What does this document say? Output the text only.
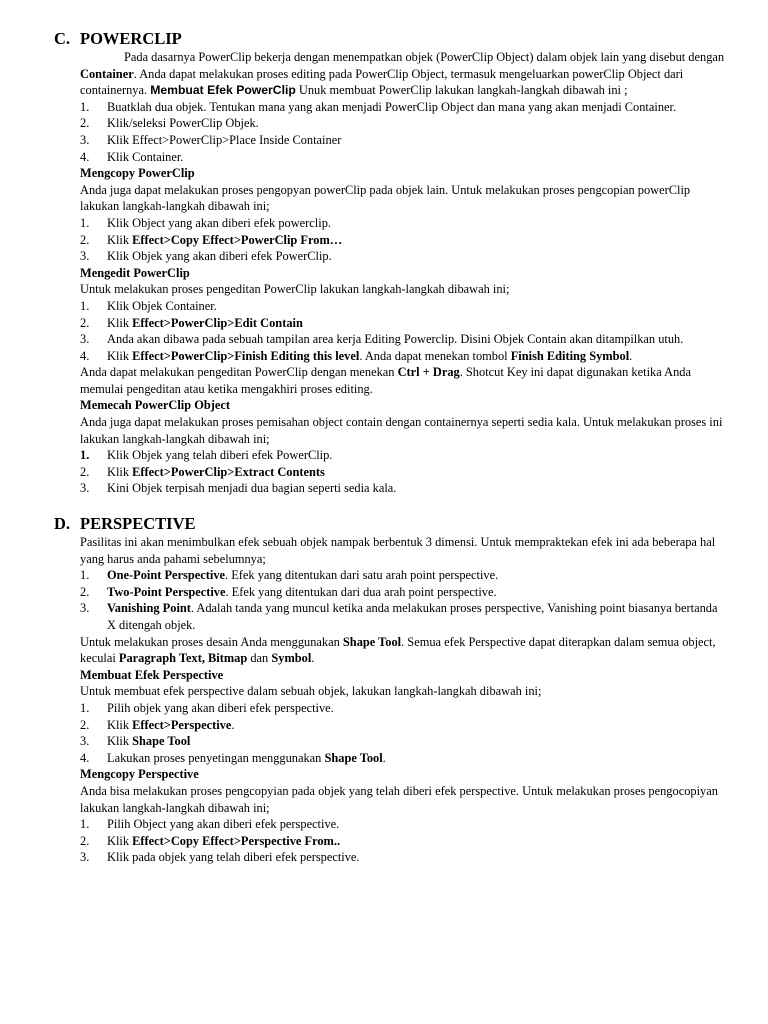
C. POWERCLIP

Pada dasarnya PowerClip bekerja dengan menempatkan objek (PowerClip Object) dalam objek lain yang disebut dengan Container. Anda dapat melakukan proses editing pada PowerClip Object, termasuk mengeluarkan powerClip Object dari containernya. Membuat Efek PowerClip Unuk membuat PowerClip lakukan langkah-langkah dibawah ini ;

1.	Buatklah dua objek. Tentukan mana yang akan menjadi PowerClip Object dan mana yang akan menjadi Container.
2.	Klik/seleksi PowerClip Objek.
3.	Klik Effect>PowerClip>Place Inside Container
4.	Klik Container.

Mengcopy PowerClip

Anda juga dapat melakukan proses pengopyan powerClip pada objek lain. Untuk melakukan proses pengcopian powerClip lakukan langkah-langkah dibawah ini;

1.	Klik Object yang akan diberi efek powerclip.
2.	Klik Effect>Copy Effect>PowerClip From…
3.	Klik Objek yang akan diberi efek PowerClip.

Mengedit PowerClip

Untuk melakukan proses pengeditan PowerClip lakukan langkah-langkah dibawah ini;

1.	Klik Objek Container.
2.	Klik Effect>PowerClip>Edit Contain
3.	Anda akan dibawa pada sebuah tampilan area kerja Editing Powerclip. Disini Objek Contain akan ditampilkan utuh.
4.	Klik Effect>PowerClip>Finish Editing this level. Anda dapat menekan tombol Finish Editing Symbol.

Anda dapat melakukan pengeditan PowerClip dengan menekan Ctrl + Drag. Shotcut Key ini dapat digunakan ketika Anda memulai pengeditan atau ketika mengakhiri proses editing.

Memecah PowerClip Object

Anda juga dapat melakukan proses pemisahan object contain dengan containernya seperti sedia kala. Untuk melakukan proses ini lakukan langkah-langkah dibawah ini;

1.	Klik Objek yang telah diberi efek PowerClip.
2.	Klik Effect>PowerClip>Extract Contents
3.	Kini Objek terpisah menjadi dua bagian seperti sedia kala.
D. PERSPECTIVE

Pasilitas ini akan menimbulkan efek sebuah objek nampak berbentuk 3 dimensi. Untuk mempraktekan efek ini ada beberapa hal yang harus anda pahami sebelumnya;

1.	One-Point Perspective. Efek yang ditentukan dari satu arah point perspective.
2.	Two-Point Perspective. Efek yang ditentukan dari dua arah point perspective.
3.	Vanishing Point. Adalah tanda yang muncul ketika anda melakukan proses perspective, Vanishing point biasanya bertanda X ditengah objek.

Untuk melakukan proses desain Anda menggunakan Shape Tool. Semua efek Perspective dapat diterapkan dalam semua object, keculai Paragraph Text, Bitmap dan Symbol.

Membuat Efek Perspective

Untuk membuat efek perspective dalam sebuah objek, lakukan langkah-langkah dibawah ini;

1.	Pilih objek yang akan diberi efek perspective.
2.	Klik Effect>Perspective.
3.	Klik Shape Tool
4.	Lakukan proses penyetingan menggunakan Shape Tool.

Mengcopy Perspective

Anda bisa melakukan proses pengcopyian pada objek yang telah diberi efek perspective. Untuk melakukan proses pengocopiyan lakukan langkah-langkah dibawah ini;

1.	Pilih Object yang akan diberi efek perspective.
2.	Klik Effect>Copy Effect>Perspective From..
3.	Klik pada objek yang telah diberi efek perspective.
